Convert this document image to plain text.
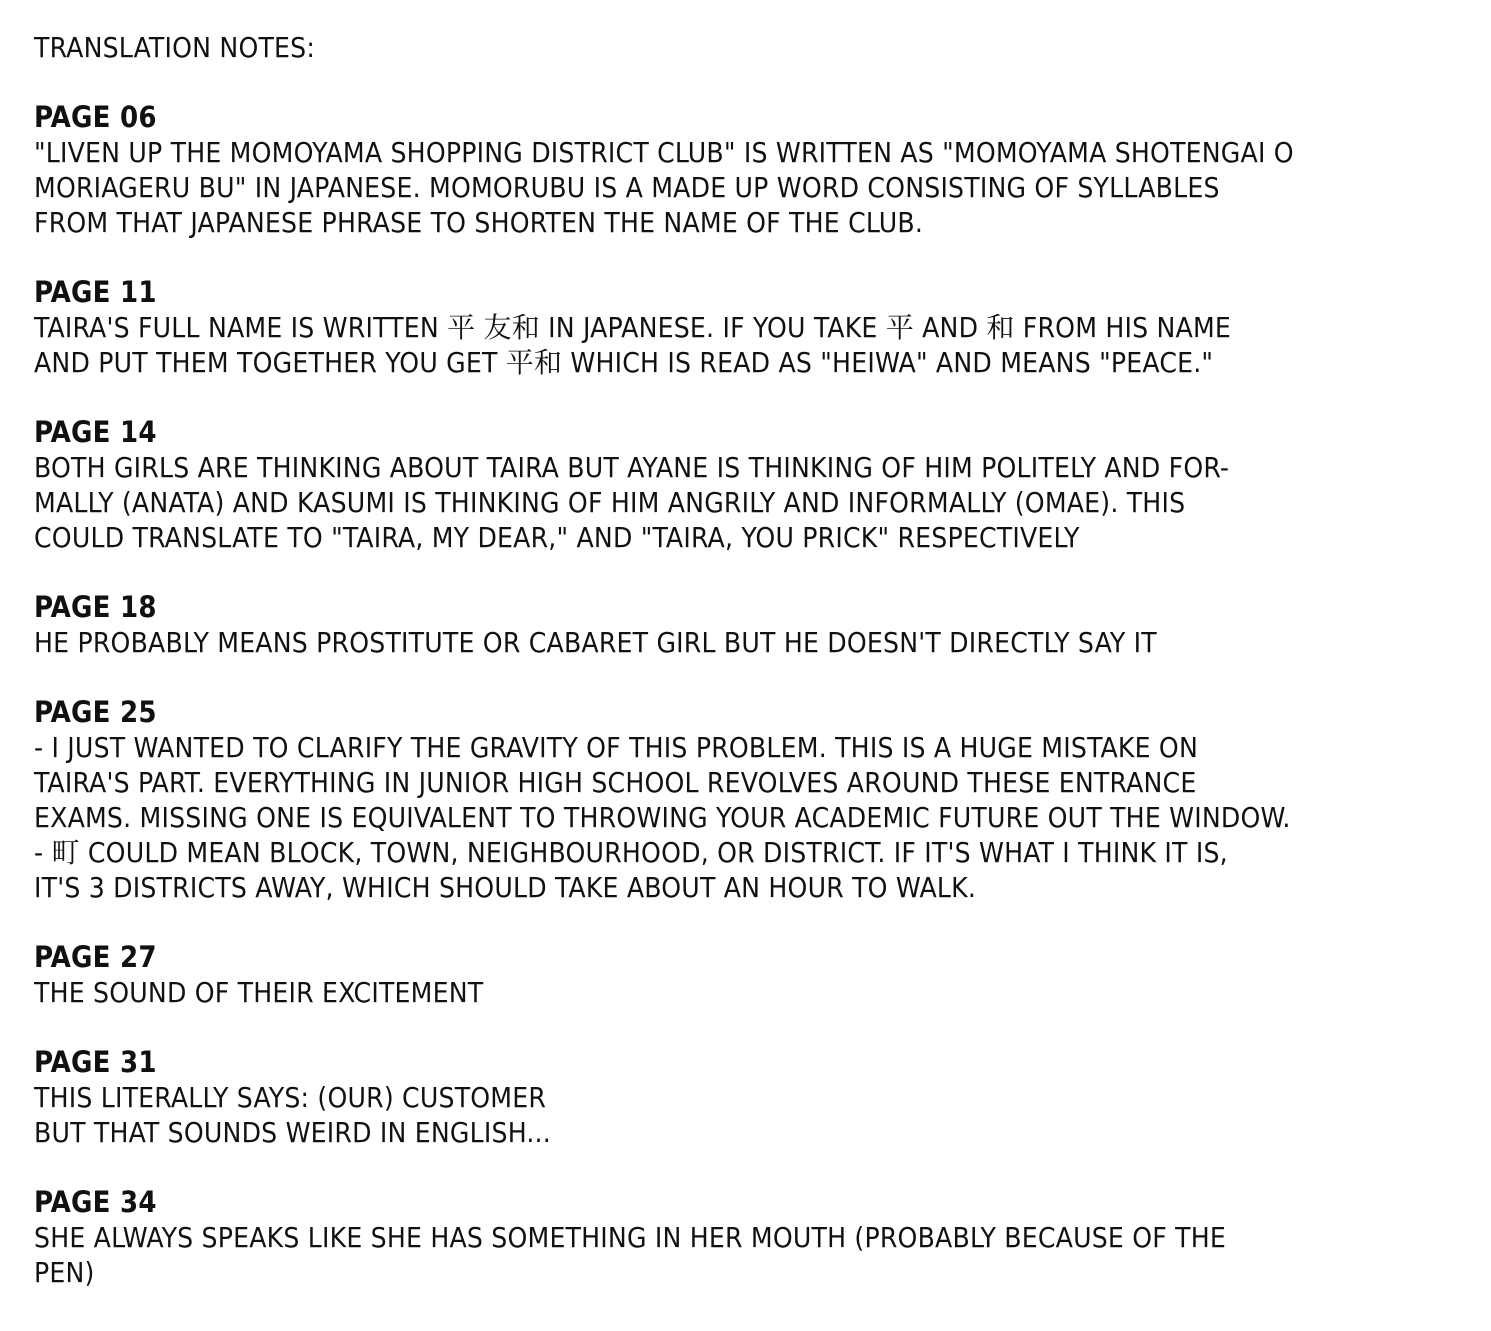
TRANSLATION NOTES:
PAGE 06
"LIVEN UP THE MOMOYAMA SHOPPING DISTRICT CLUB" IS WRITTEN AS "MOMOYAMA SHOTENGAI O
MORIAGERU BU" IN JAPANESE. MOMORUBU IS A MADE UP WORD CONSISTING OF SYLLABLES
FROM THAT JAPANESE PHRASE TO SHORTEN THE NAME OF THE CLUB.
PAGE 11
TAIRA'S FULL NAME IS WRITTEN 平 友和 IN JAPANESE. IF YOU TAKE 平 AND 和 FROM HIS NAME
AND PUT THEM TOGETHER YOU GET 平和 WHICH IS READ AS "HEIWA" AND MEANS "PEACE."
PAGE 14
BOTH GIRLS ARE THINKING ABOUT TAIRA BUT AYANE IS THINKING OF HIM POLITELY AND FOR-
MALLY (ANATA) AND KASUMI IS THINKING OF HIM ANGRILY AND INFORMALLY (OMAE). THIS
COULD TRANSLATE TO "TAIRA, MY DEAR," AND "TAIRA, YOU PRICK" RESPECTIVELY
PAGE 18
HE PROBABLY MEANS PROSTITUTE OR CABARET GIRL BUT HE DOESN'T DIRECTLY SAY IT
PAGE 25
- I JUST WANTED TO CLARIFY THE GRAVITY OF THIS PROBLEM. THIS IS A HUGE MISTAKE ON
TAIRA'S PART. EVERYTHING IN JUNIOR HIGH SCHOOL REVOLVES AROUND THESE ENTRANCE
EXAMS. MISSING ONE IS EQUIVALENT TO THROWING YOUR ACADEMIC FUTURE OUT THE WINDOW.
- 町 COULD MEAN BLOCK, TOWN, NEIGHBOURHOOD, OR DISTRICT. IF IT'S WHAT I THINK IT IS,
IT'S 3 DISTRICTS AWAY, WHICH SHOULD TAKE ABOUT AN HOUR TO WALK.
PAGE 27
THE SOUND OF THEIR EXCITEMENT
PAGE 31
THIS LITERALLY SAYS: (OUR) CUSTOMER
BUT THAT SOUNDS WEIRD IN ENGLISH...
PAGE 34
SHE ALWAYS SPEAKS LIKE SHE HAS SOMETHING IN HER MOUTH (PROBABLY BECAUSE OF THE
PEN)
